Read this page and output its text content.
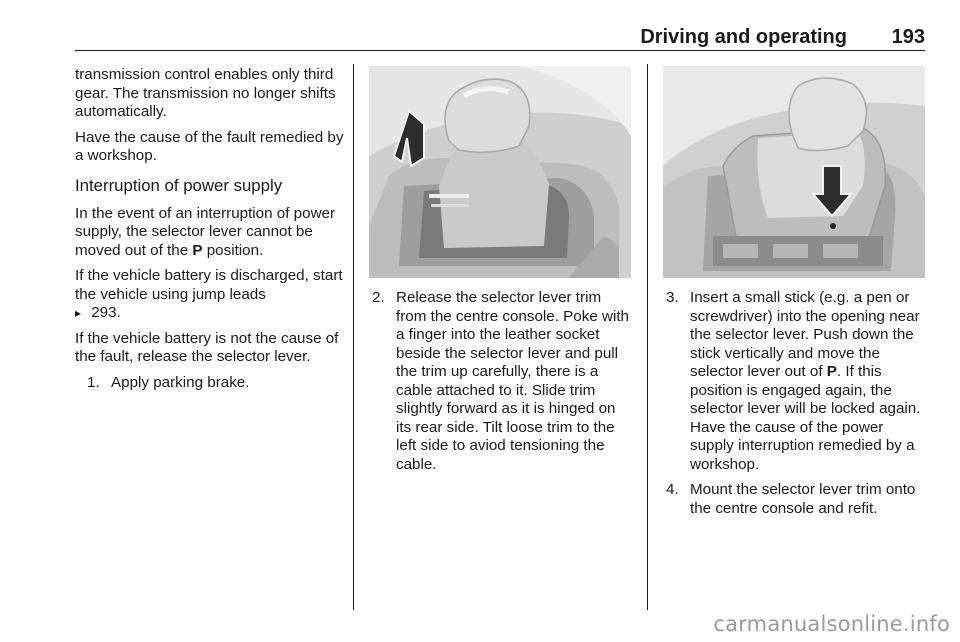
Driving and operating 193

transmission control enables only third gear. The transmission no longer shifts automatically.

Have the cause of the fault remedied by a workshop.

Interruption of power supply

In the event of an interruption of power supply, the selector lever cannot be moved out of the P position.

If the vehicle battery is discharged, start the vehicle using jump leads
▸ 293.

If the vehicle battery is not the cause of the fault, release the selector lever.

1. Apply parking brake.
2. Release the selector lever trim from the centre console. Poke with a finger into the leather socket beside the selector lever and pull the trim up carefully, there is a cable attached to it. Slide trim slightly forward as it is hinged on its rear side. Tilt loose trim to the left side to aviod tensioning the cable.
3. Insert a small stick (e.g. a pen or screwdriver) into the opening near the selector lever. Push down the stick vertically and move the selector lever out of P. If this position is engaged again, the selector lever will be locked again. Have the cause of the power supply interruption remedied by a workshop.
4. Mount the selector lever trim onto the centre console and refit.
carmanualsonline.info
